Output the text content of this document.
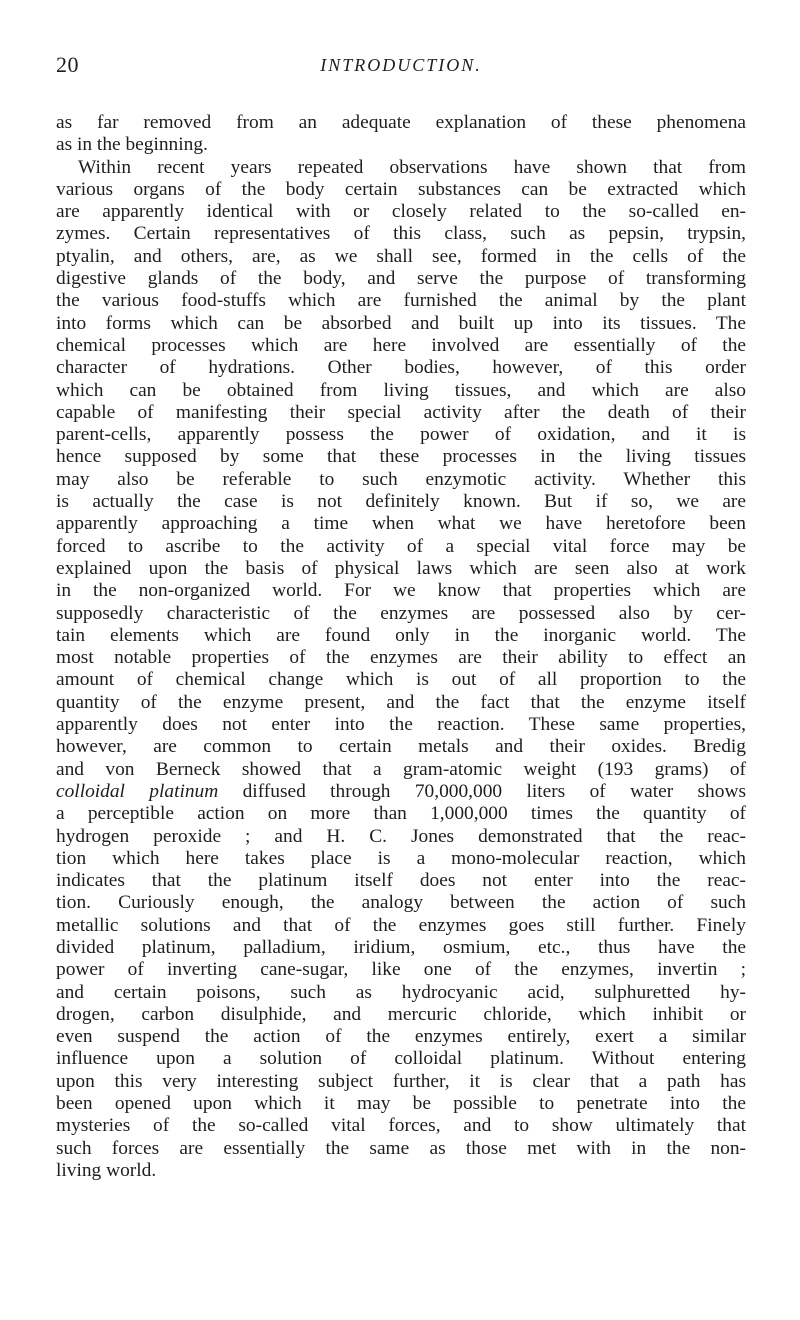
20	INTRODUCTION.
as far removed from an adequate explanation of these phenomena
as in the beginning.
Within recent years repeated observations have shown that from
various organs of the body certain substances can be extracted which
are apparently identical with or closely related to the so-called en-
zymes. Certain representatives of this class, such as pepsin, trypsin,
ptyalin, and others, are, as we shall see, formed in the cells of the
digestive glands of the body, and serve the purpose of transforming
the various food-stuffs which are furnished the animal by the plant
into forms which can be absorbed and built up into its tissues. The
chemical processes which are here involved are essentially of the
character of hydrations. Other bodies, however, of this order
which can be obtained from living tissues, and which are also
capable of manifesting their special activity after the death of their
parent-cells, apparently possess the power of oxidation, and it is
hence supposed by some that these processes in the living tissues
may also be referable to such enzymotic activity. Whether this
is actually the case is not definitely known. But if so, we are
apparently approaching a time when what we have heretofore been
forced to ascribe to the activity of a special vital force may be
explained upon the basis of physical laws which are seen also at work
in the non-organized world. For we know that properties which are
supposedly characteristic of the enzymes are possessed also by cer-
tain elements which are found only in the inorganic world. The
most notable properties of the enzymes are their ability to effect an
amount of chemical change which is out of all proportion to the
quantity of the enzyme present, and the fact that the enzyme itself
apparently does not enter into the reaction. These same properties,
however, are common to certain metals and their oxides. Bredig
and von Berneck showed that a gram-atomic weight (193 grams) of
colloidal platinum diffused through 70,000,000 liters of water shows
a perceptible action on more than 1,000,000 times the quantity of
hydrogen peroxide ; and H. C. Jones demonstrated that the reac-
tion which here takes place is a mono-molecular reaction, which
indicates that the platinum itself does not enter into the reac-
tion. Curiously enough, the analogy between the action of such
metallic solutions and that of the enzymes goes still further. Finely
divided platinum, palladium, iridium, osmium, etc., thus have the
power of inverting cane-sugar, like one of the enzymes, invertin ;
and certain poisons, such as hydrocyanic acid, sulphuretted hy-
drogen, carbon disulphide, and mercuric chloride, which inhibit or
even suspend the action of the enzymes entirely, exert a similar
influence upon a solution of colloidal platinum. Without entering
upon this very interesting subject further, it is clear that a path has
been opened upon which it may be possible to penetrate into the
mysteries of the so-called vital forces, and to show ultimately that
such forces are essentially the same as those met with in the non-
living world.
